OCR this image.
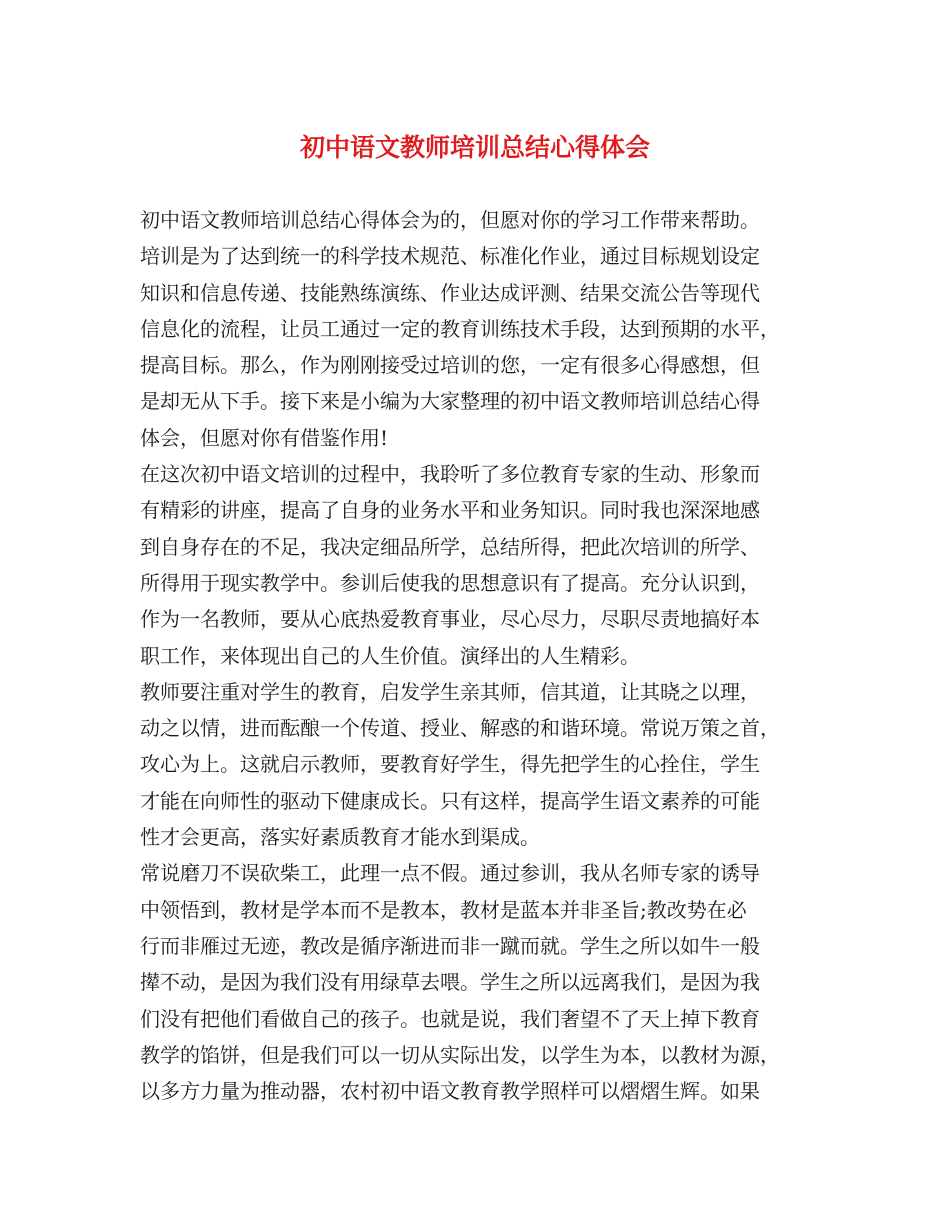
初中语文教师培训总结心得体会
初中语文教师培训总结心得体会为的，但愿对你的学习工作带来帮助。
培训是为了达到统一的科学技术规范、标准化作业，通过目标规划设定
知识和信息传递、技能熟练演练、作业达成评测、结果交流公告等现代
信息化的流程，让员工通过一定的教育训练技术手段，达到预期的水平，
提高目标。那么，作为刚刚接受过培训的您，一定有很多心得感想，但
是却无从下手。接下来是小编为大家整理的初中语文教师培训总结心得
体会，但愿对你有借鉴作用!
在这次初中语文培训的过程中，我聆听了多位教育专家的生动、形象而
有精彩的讲座，提高了自身的业务水平和业务知识。同时我也深深地感
到自身存在的不足，我决定细品所学，总结所得，把此次培训的所学、
所得用于现实教学中。参训后使我的思想意识有了提高。充分认识到，
作为一名教师，要从心底热爱教育事业，尽心尽力，尽职尽责地搞好本
职工作，来体现出自己的人生价值。演绎出的人生精彩。
教师要注重对学生的教育，启发学生亲其师，信其道，让其晓之以理，
动之以情，进而酝酿一个传道、授业、解惑的和谐环境。常说万策之首，
攻心为上。这就启示教师，要教育好学生，得先把学生的心拴住，学生
才能在向师性的驱动下健康成长。只有这样，提高学生语文素养的可能
性才会更高，落实好素质教育才能水到渠成。
常说磨刀不误砍柴工，此理一点不假。通过参训，我从名师专家的诱导
中领悟到，教材是学本而不是教本，教材是蓝本并非圣旨;教改势在必
行而非雁过无迹，教改是循序渐进而非一蹴而就。学生之所以如牛一般
撵不动，是因为我们没有用绿草去喂。学生之所以远离我们，是因为我
们没有把他们看做自己的孩子。也就是说，我们奢望不了天上掉下教育
教学的馅饼，但是我们可以一切从实际出发，以学生为本，以教材为源，
以多方力量为推动器，农村初中语文教育教学照样可以熠熠生辉。如果
